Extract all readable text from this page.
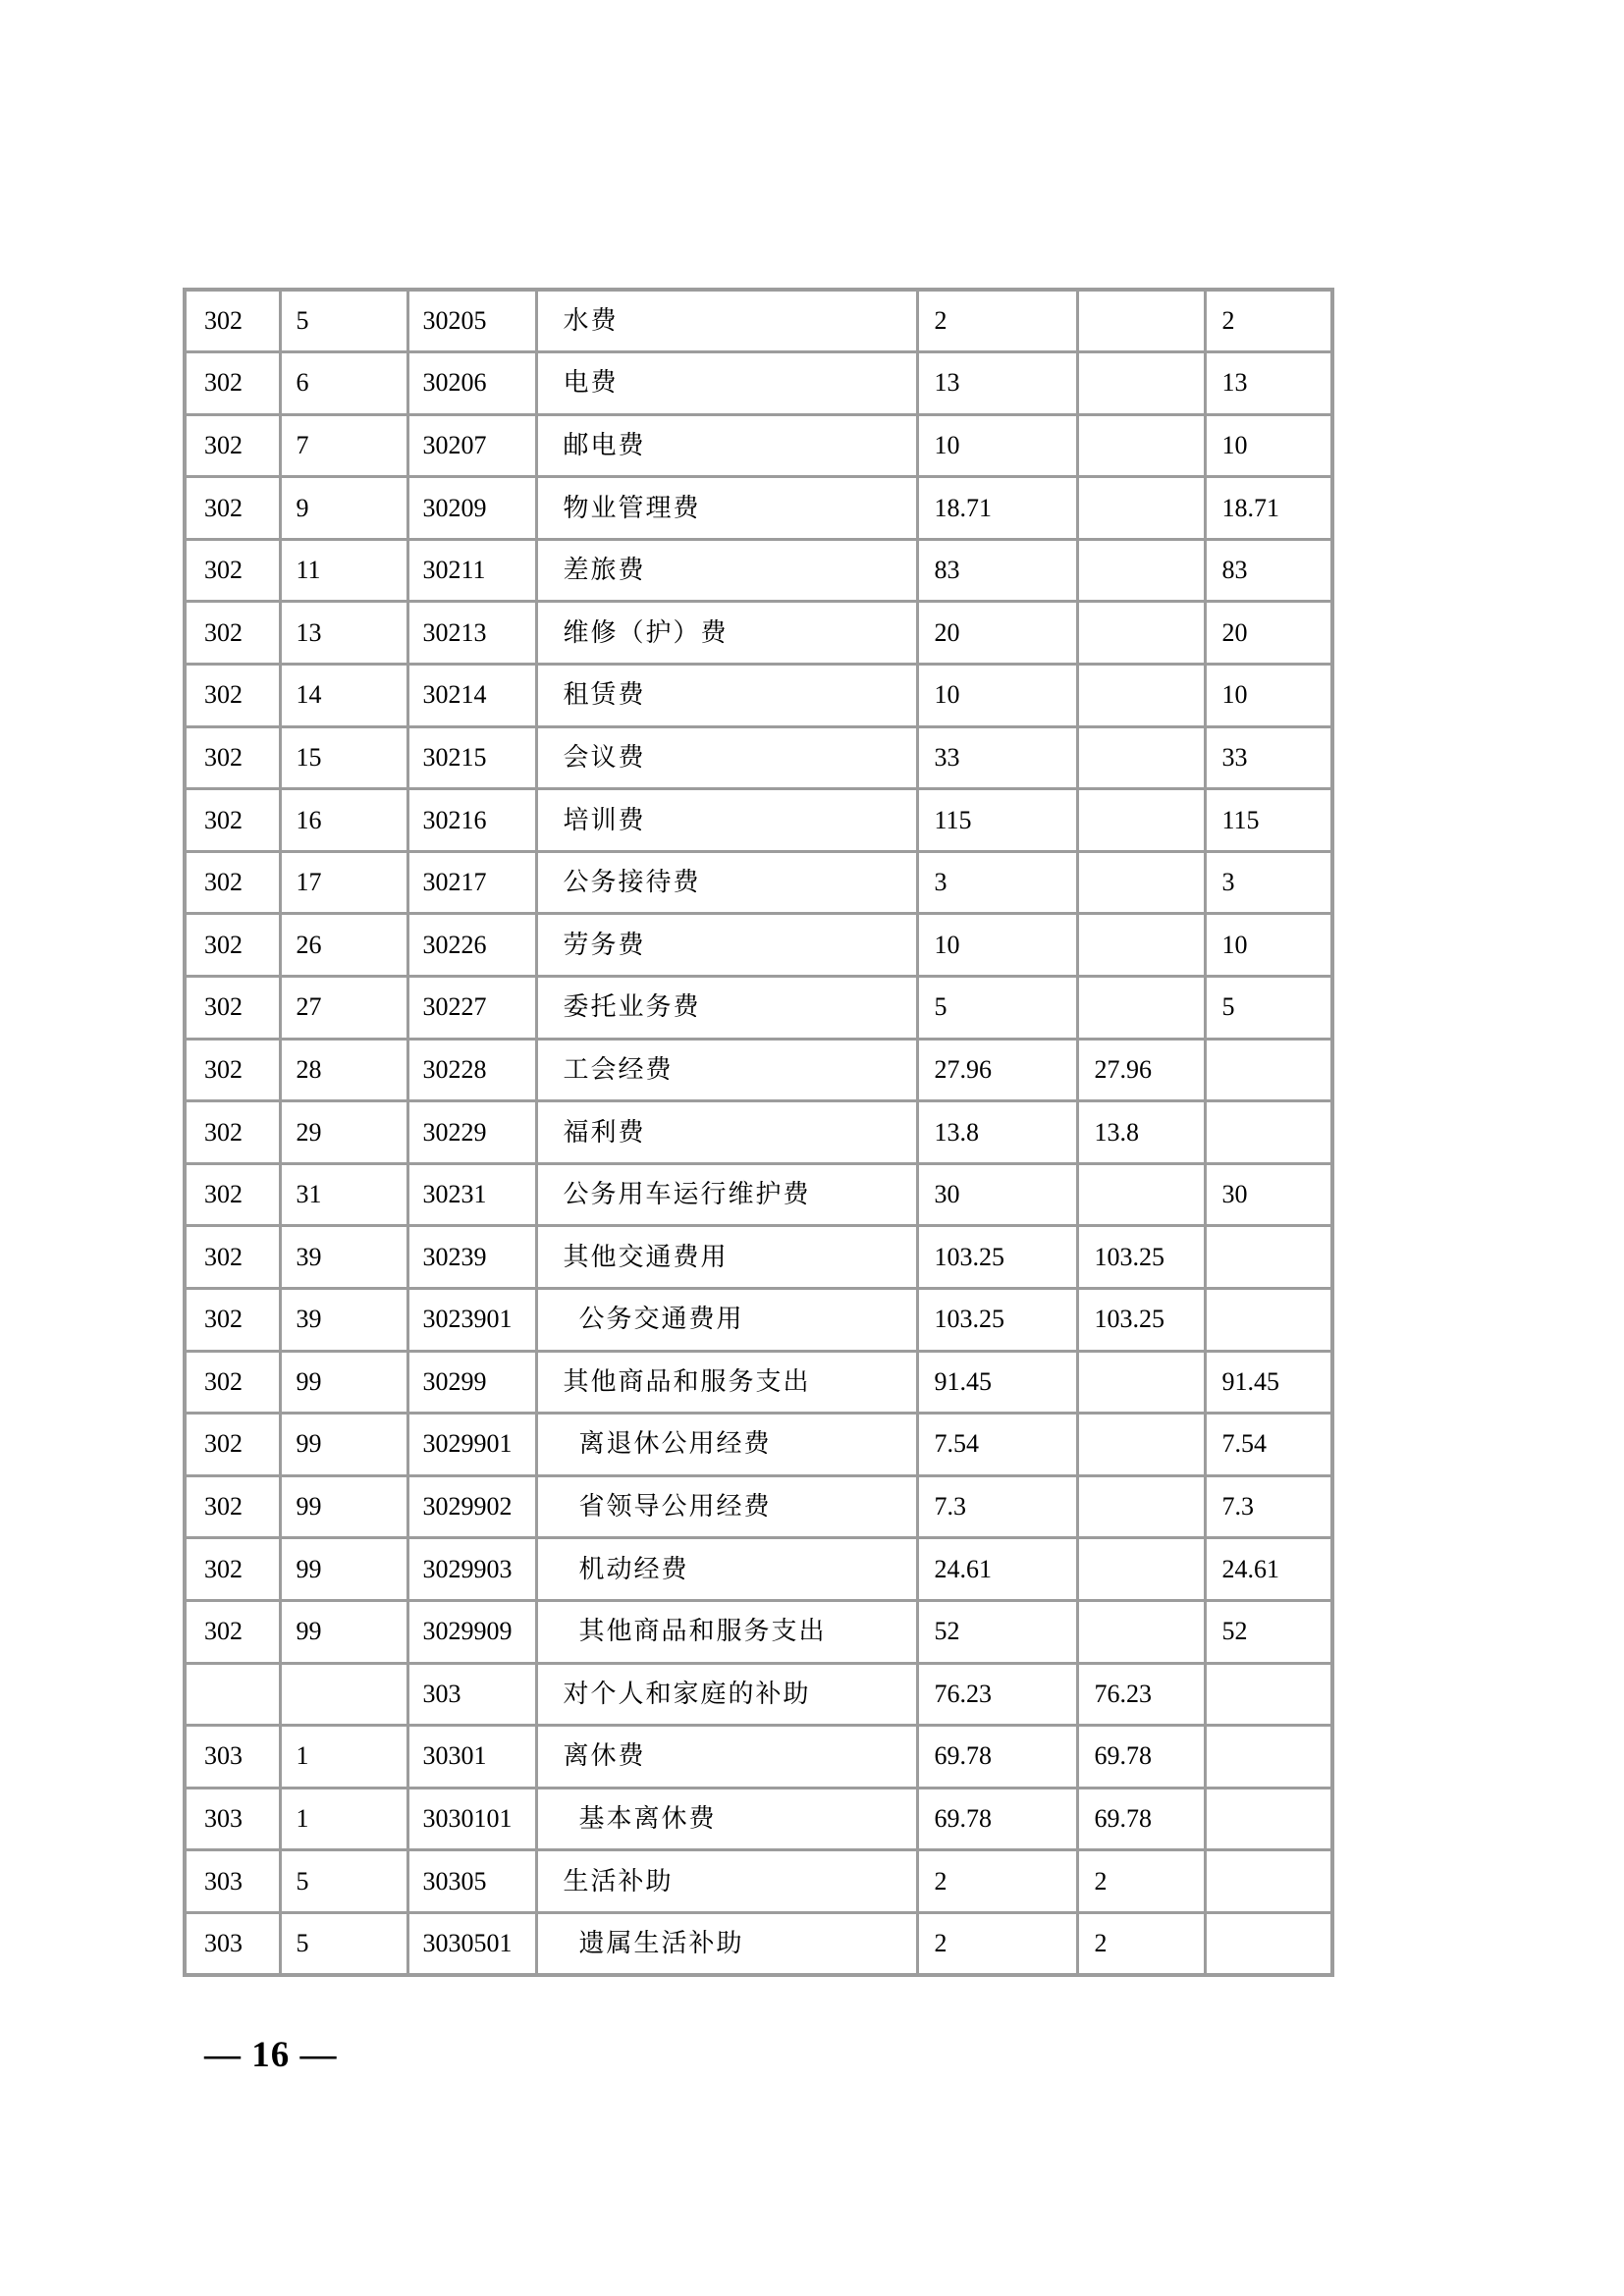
302	5	30205	水费	2		2
302	6	30206	电费	13		13
302	7	30207	邮电费	10		10
302	9	30209	物业管理费	18.71		18.71
302	11	30211	差旅费	83		83
302	13	30213	维修（护）费	20		20
302	14	30214	租赁费	10		10
302	15	30215	会议费	33		33
302	16	30216	培训费	115		115
302	17	30217	公务接待费	3		3
302	26	30226	劳务费	10		10
302	27	30227	委托业务费	5		5
302	28	30228	工会经费	27.96	27.96	
302	29	30229	福利费	13.8	13.8	
302	31	30231	公务用车运行维护费	30		30
302	39	30239	其他交通费用	103.25	103.25	
302	39	3023901	公务交通费用	103.25	103.25	
302	99	30299	其他商品和服务支出	91.45		91.45
302	99	3029901	离退休公用经费	7.54		7.54
302	99	3029902	省领导公用经费	7.3		7.3
302	99	3029903	机动经费	24.61		24.61
302	99	3029909	其他商品和服务支出	52		52
		303	对个人和家庭的补助	76.23	76.23	
303	1	30301	离休费	69.78	69.78	
303	1	3030101	基本离休费	69.78	69.78	
303	5	30305	生活补助	2	2	
303	5	3030501	遗属生活补助	2	2	
— 16 —
